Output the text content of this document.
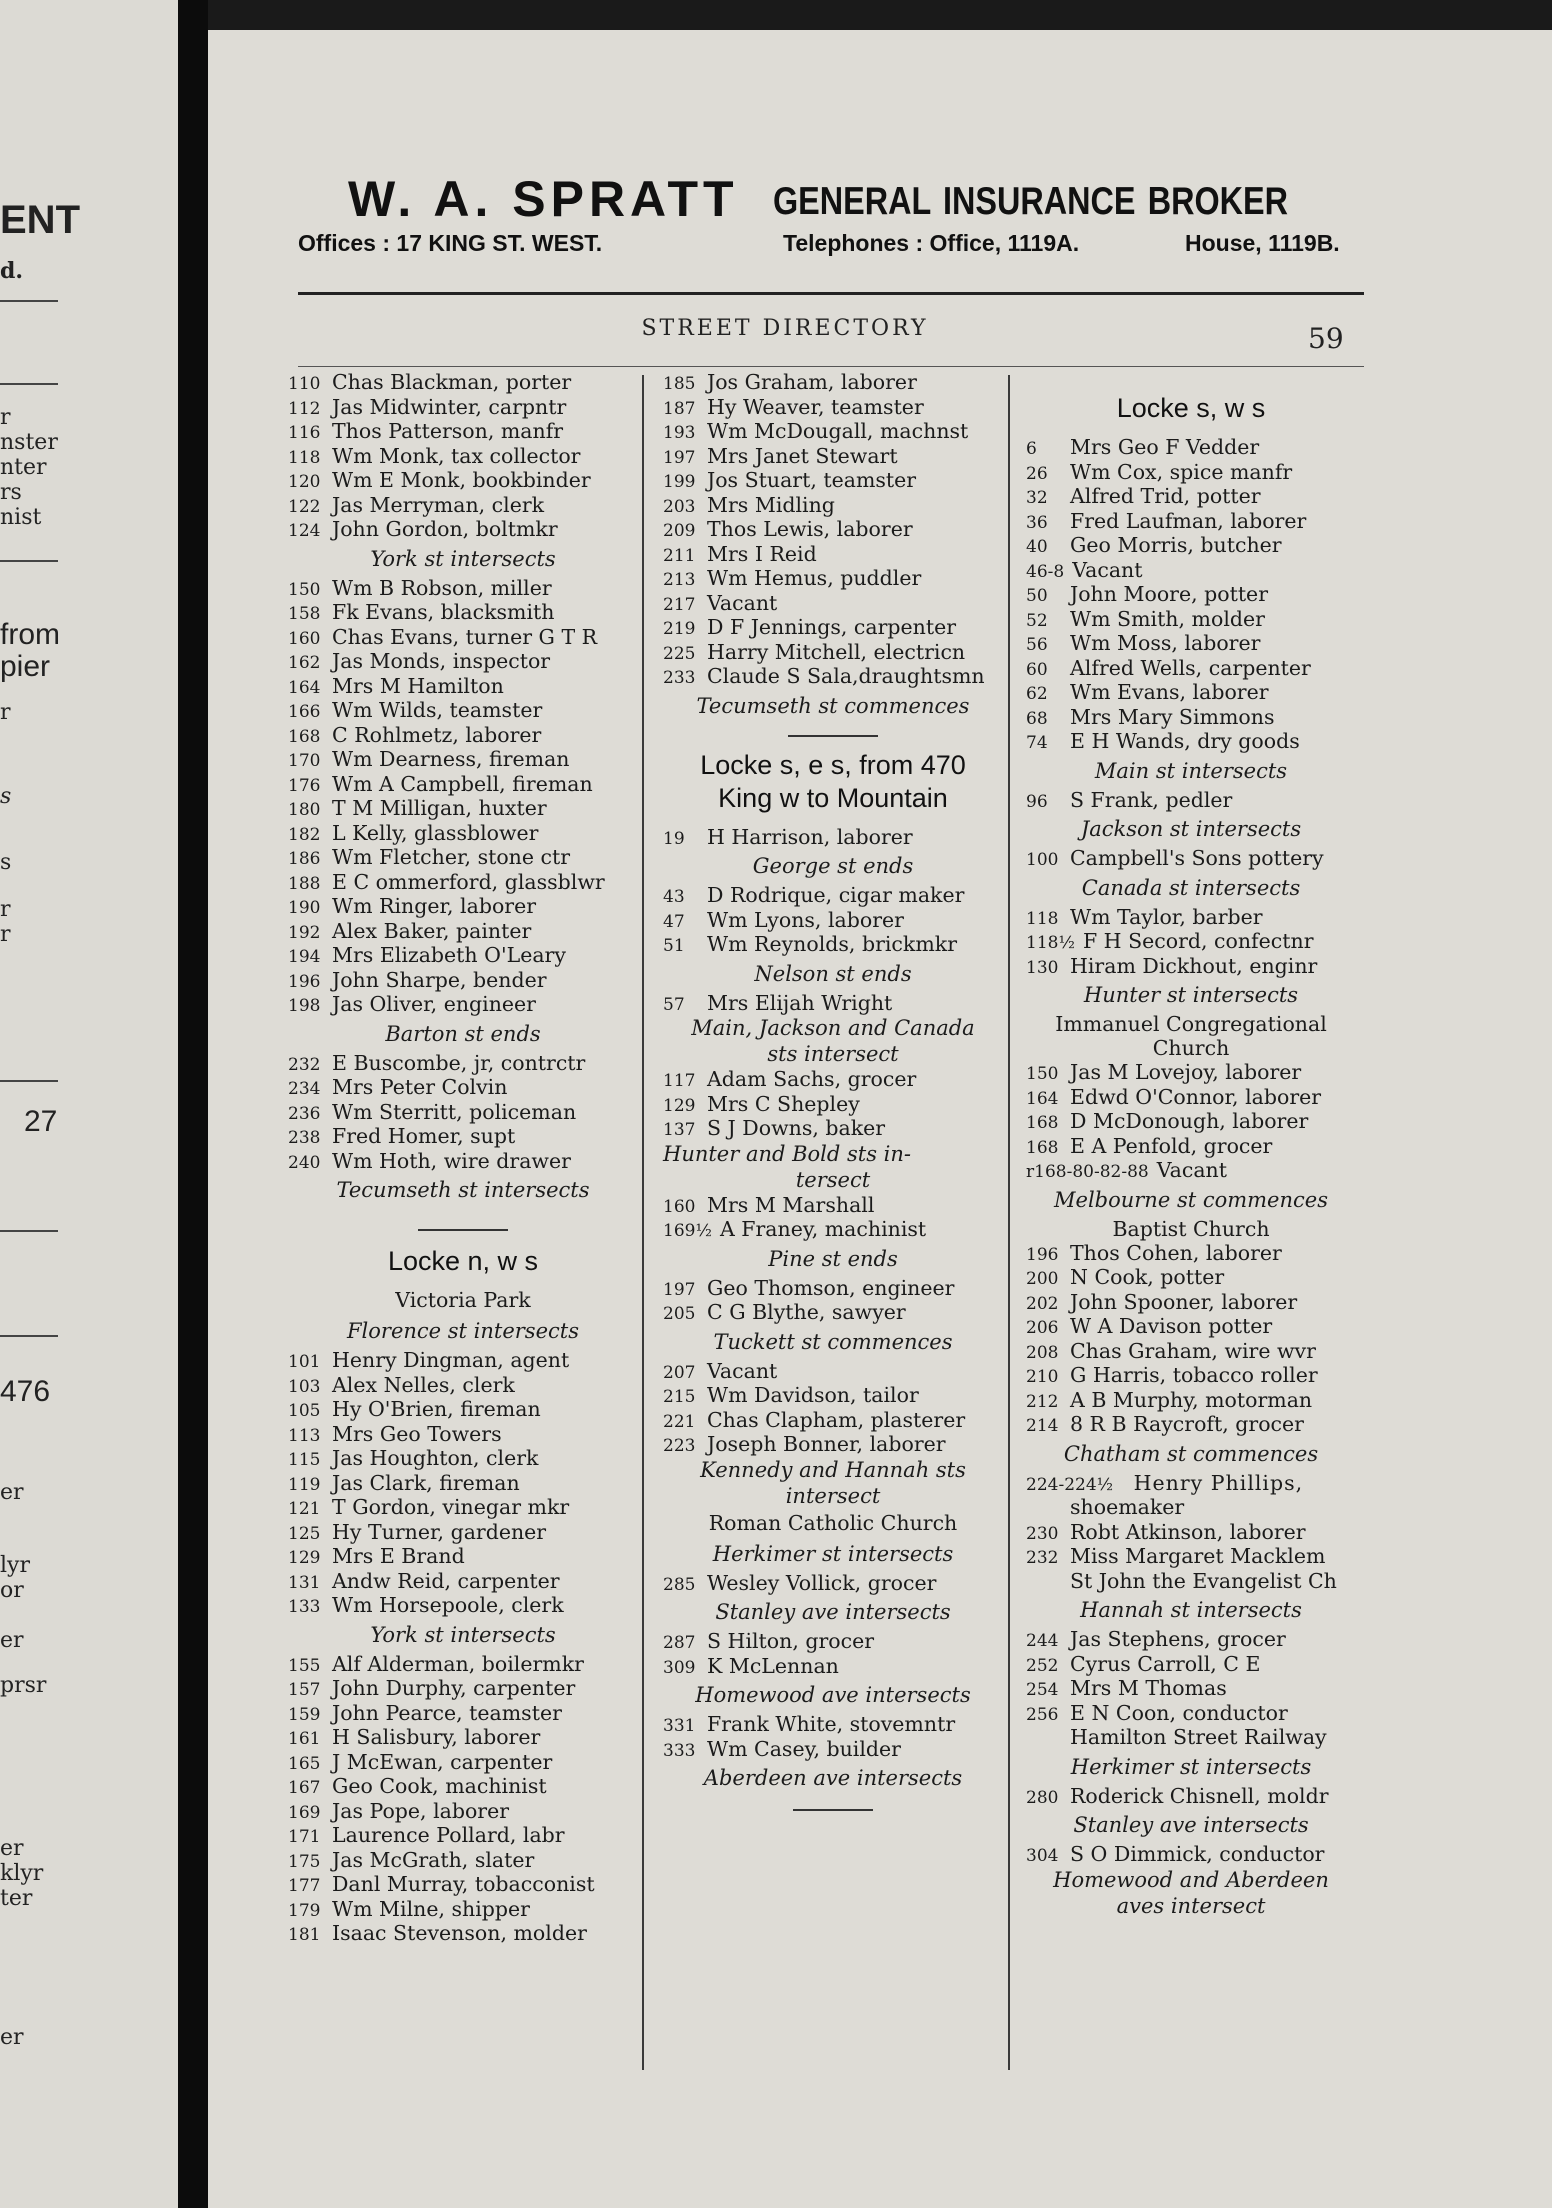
ENT
d.
r
nster
nter
rs
nist
from
pier
r
s
s
r
r
27
476
er
lyr
or
er
prsr
er
klyr
ter
er
W. A. SPRATT GENERAL INSURANCE BROKER
Offices : 17 KING ST. WEST.	Telephones : Office, 1119A.	House, 1119B.
STREET DIRECTORY	59
110 Chas Blackman, porter
112 Jas Midwinter, carpntr
116 Thos Patterson, manfr
118 Wm Monk, tax collector
120 Wm E Monk, bookbinder
122 Jas Merryman, clerk
124 John Gordon, boltmkr
York st intersects
150 Wm B Robson, miller
158 Fk Evans, blacksmith
160 Chas Evans, turner G T R
162 Jas Monds, inspector
164 Mrs M Hamilton
166 Wm Wilds, teamster
168 C Rohlmetz, laborer
170 Wm Dearness, fireman
176 Wm A Campbell, fireman
180 T M Milligan, huxter
182 L Kelly, glassblower
186 Wm Fletcher, stone ctr
188 E C ommerford, glassblwr
190 Wm Ringer, laborer
192 Alex Baker, painter
194 Mrs Elizabeth O'Leary
196 John Sharpe, bender
198 Jas Oliver, engineer
Barton st ends
232 E Buscombe, jr, contrctr
234 Mrs Peter Colvin
236 Wm Sterritt, policeman
238 Fred Homer, supt
240 Wm Hoth, wire drawer
Tecumseth st intersects
Locke n, w s
Victoria Park
Florence st intersects
101 Henry Dingman, agent
103 Alex Nelles, clerk
105 Hy O'Brien, fireman
113 Mrs Geo Towers
115 Jas Houghton, clerk
119 Jas Clark, fireman
121 T Gordon, vinegar mkr
125 Hy Turner, gardener
129 Mrs E Brand
131 Andw Reid, carpenter
133 Wm Horsepoole, clerk
York st intersects
155 Alf Alderman, boilermkr
157 John Durphy, carpenter
159 John Pearce, teamster
161 H Salisbury, laborer
165 J McEwan, carpenter
167 Geo Cook, machinist
169 Jas Pope, laborer
171 Laurence Pollard, labr
175 Jas McGrath, slater
177 Danl Murray, tobacconist
179 Wm Milne, shipper
181 Isaac Stevenson, molder
185 Jos Graham, laborer
187 Hy Weaver, teamster
193 Wm McDougall, machnst
197 Mrs Janet Stewart
199 Jos Stuart, teamster
203 Mrs Midling
209 Thos Lewis, laborer
211 Mrs I Reid
213 Wm Hemus, puddler
217 Vacant
219 D F Jennings, carpenter
225 Harry Mitchell, electricn
233 Claude S Sala,draughtsmn
Tecumseth st commences
Locke s, e s, from 470
King w to Mountain
19 H Harrison, laborer
George st ends
43 D Rodrique, cigar maker
47 Wm Lyons, laborer
51 Wm Reynolds, brickmkr
Nelson st ends
57 Mrs Elijah Wright
Main, Jackson and Canada
sts intersect
117 Adam Sachs, grocer
129 Mrs C Shepley
137 S J Downs, baker
Hunter and Bold sts in-
tersect
160 Mrs M Marshall
169½ A Franey, machinist
Pine st ends
197 Geo Thomson, engineer
205 C G Blythe, sawyer
Tuckett st commences
207 Vacant
215 Wm Davidson, tailor
221 Chas Clapham, plasterer
223 Joseph Bonner, laborer
Kennedy and Hannah sts
intersect
Roman Catholic Church
Herkimer st intersects
285 Wesley Vollick, grocer
Stanley ave intersects
287 S Hilton, grocer
309 K McLennan
Homewood ave intersects
331 Frank White, stovemntr
333 Wm Casey, builder
Aberdeen ave intersects
Locke s, w s
6 Mrs Geo F Vedder
26 Wm Cox, spice manfr
32 Alfred Trid, potter
36 Fred Laufman, laborer
40 Geo Morris, butcher
46-8 Vacant
50 John Moore, potter
52 Wm Smith, molder
56 Wm Moss, laborer
60 Alfred Wells, carpenter
62 Wm Evans, laborer
68 Mrs Mary Simmons
74 E H Wands, dry goods
Main st intersects
96 S Frank, pedler
Jackson st intersects
100 Campbell's Sons pottery
Canada st intersects
118 Wm Taylor, barber
118½ F H Secord, confectnr
130 Hiram Dickhout, enginr
Hunter st intersects
Immanuel Congregational
Church
150 Jas M Lovejoy, laborer
164 Edwd O'Connor, laborer
168 D McDonough, laborer
168 E A Penfold, grocer
r168-80-82-88 Vacant
Melbourne st commences
Baptist Church
196 Thos Cohen, laborer
200 N Cook, potter
202 John Spooner, laborer
206 W A Davison potter
208 Chas Graham, wire wvr
210 G Harris, tobacco roller
212 A B Murphy, motorman
214 8 R B Raycroft, grocer
Chatham st commences
224-224½ Henry Phillips,
shoemaker
230 Robt Atkinson, laborer
232 Miss Margaret Macklem
St John the Evangelist Ch
Hannah st intersects
244 Jas Stephens, grocer
252 Cyrus Carroll, C E
254 Mrs M Thomas
256 E N Coon, conductor
Hamilton Street Railway
Herkimer st intersects
280 Roderick Chisnell, moldr
Stanley ave intersects
304 S O Dimmick, conductor
Homewood and Aberdeen
aves intersect
